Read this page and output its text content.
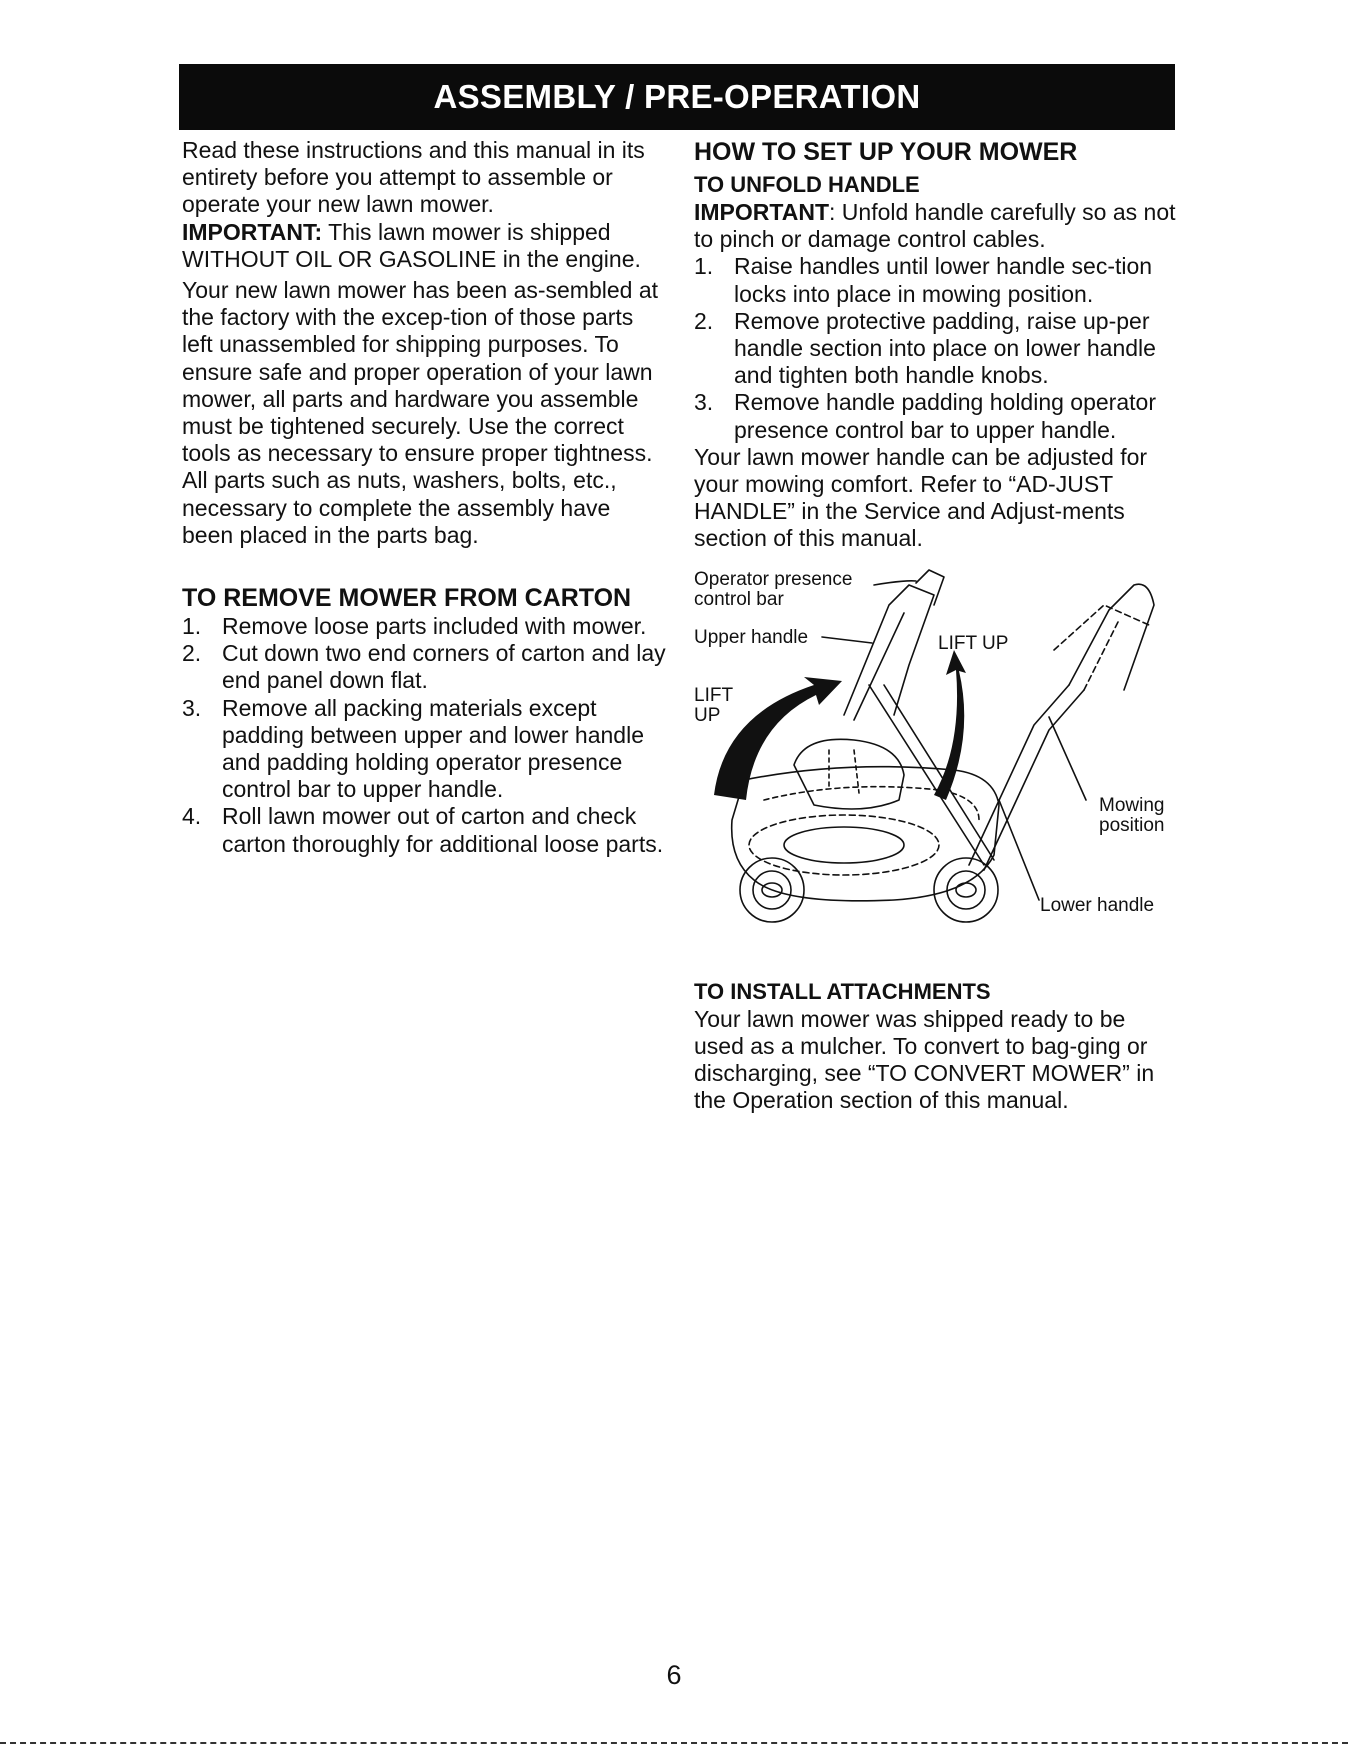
ASSEMBLY / PRE-OPERATION

Read these instructions and this manual in its entirety before you attempt to assemble or operate your new lawn mower.

IMPORTANT: This lawn mower is shipped WITHOUT OIL OR GASOLINE in the engine.

Your new lawn mower has been as-sembled at the factory with the excep-tion of those parts left unassembled for shipping purposes. To ensure safe and proper operation of your lawn mower, all parts and hardware you assemble must be tightened securely. Use the correct tools as necessary to ensure proper tightness. All parts such as nuts, washers, bolts, etc., necessary to complete the assembly have been placed in the parts bag.

TO REMOVE MOWER FROM CARTON
1. Remove loose parts included with mower.
2. Cut down two end corners of carton and lay end panel down flat.
3. Remove all packing materials except padding between upper and lower handle and padding holding operator presence control bar to upper handle.
4. Roll lawn mower out of carton and check carton thoroughly for additional loose parts.
HOW TO SET UP YOUR MOWER
TO UNFOLD HANDLE

IMPORTANT: Unfold handle carefully so as not to pinch or damage control cables.

1. Raise handles until lower handle sec-tion locks into place in mowing position.
2. Remove protective padding, raise up-per handle section into place on lower handle and tighten both handle knobs.
3. Remove handle padding holding operator presence control bar to upper handle.

Your lawn mower handle can be adjusted for your mowing comfort. Refer to “AD-JUST HANDLE” in the Service and Adjust-ments section of this manual.

Operator presence
control bar
Upper handle	LIFT UP
LIFT
UP
Mowing
position
Lower handle
TO INSTALL ATTACHMENTS

Your lawn mower was shipped ready to be used as a mulcher. To convert to bag-ging or discharging, see “TO CONVERT MOWER” in the Operation section of this manual.

6
